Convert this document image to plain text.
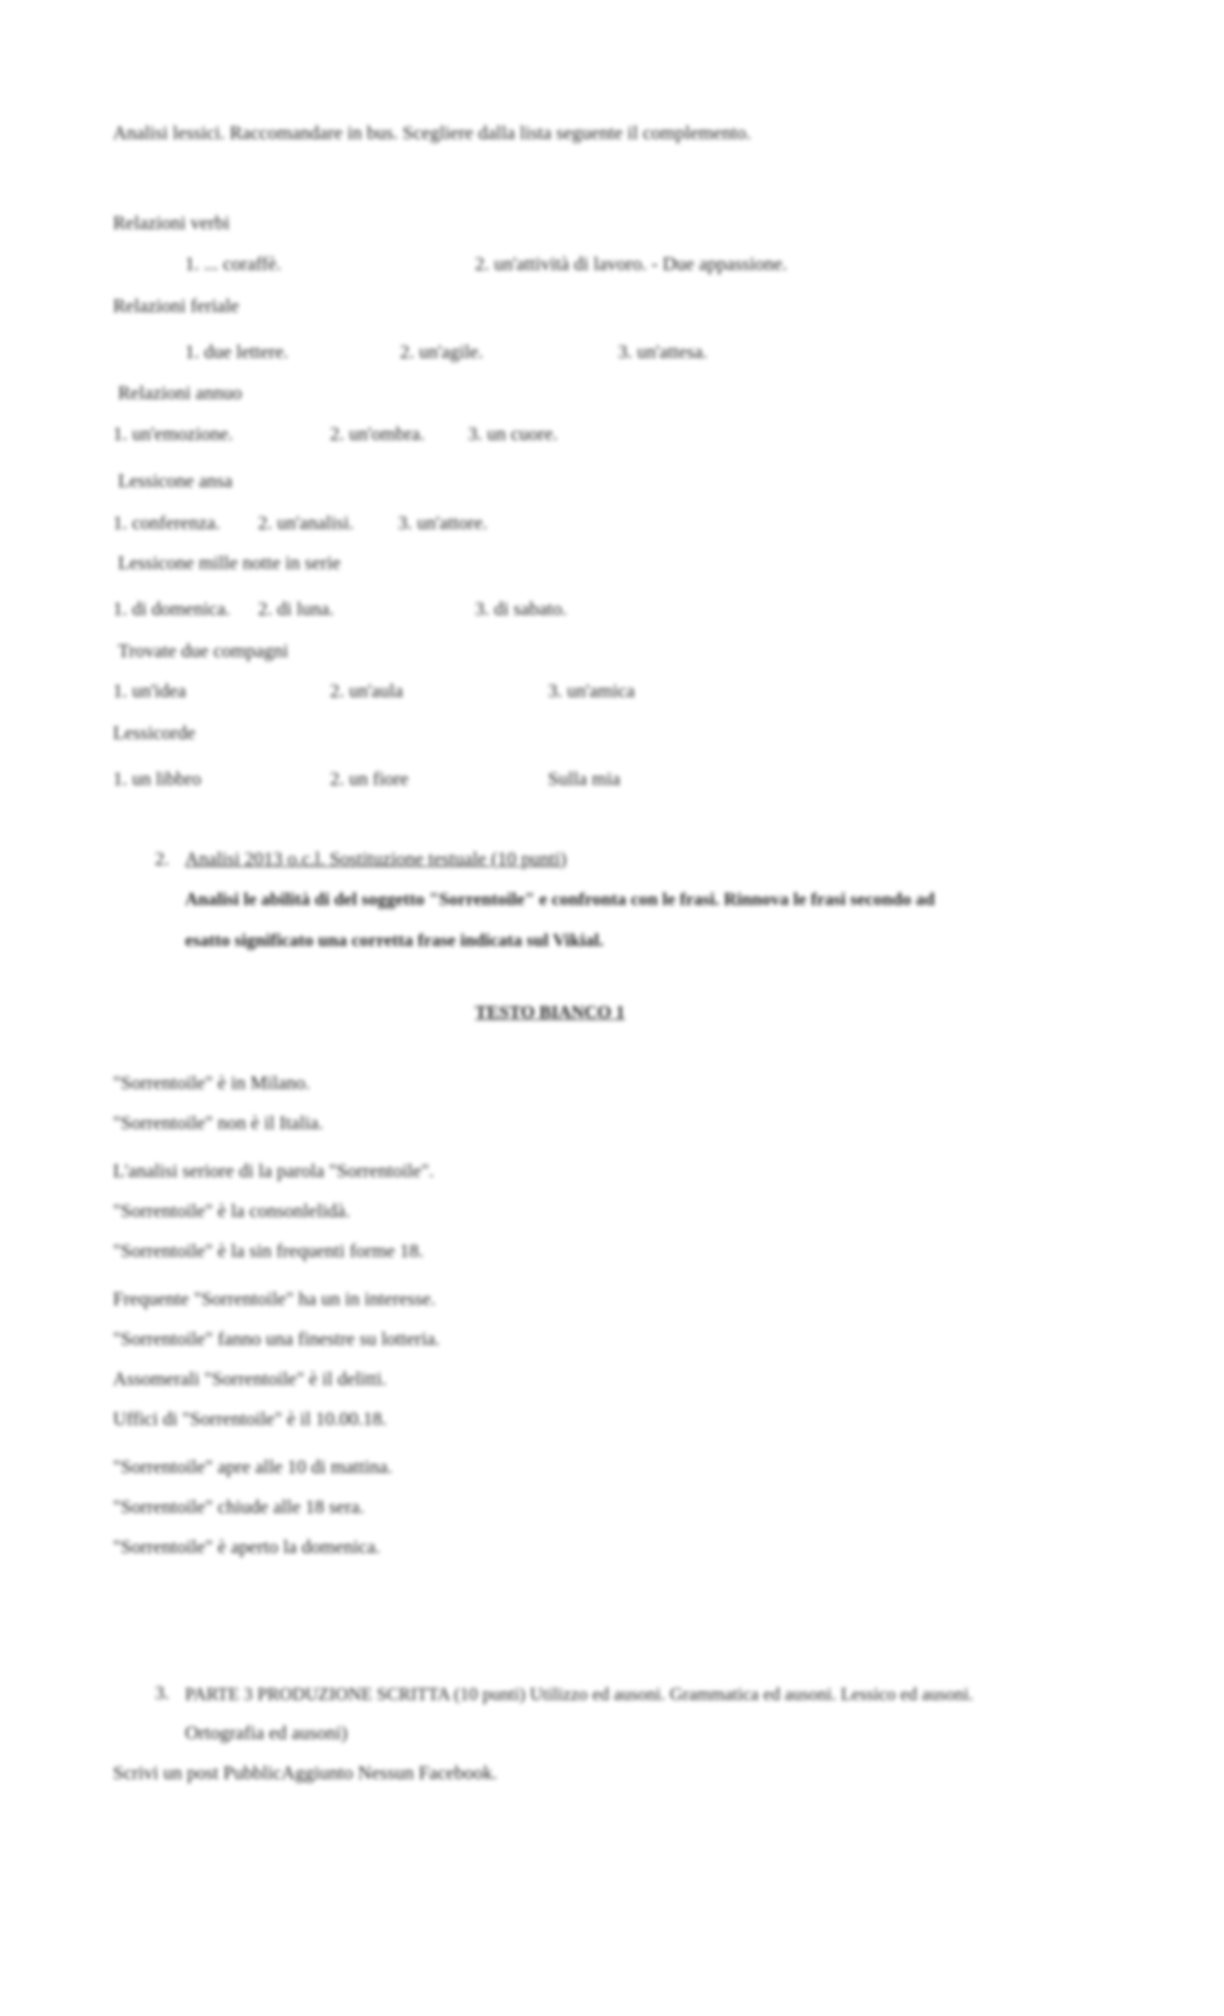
Analisi lessici. Raccomandare in bus. Scegliere dalla lista seguente il complemento.
Relazioni verbi
1. ... coraffè.	2. un'attività di lavoro. - Due appassione.
Relazioni feriale
1. due lettere.	2. un'agile.	3. un'attesa.
Relazioni annuo
1. un'emozione.	2. un'ombra. 3. un cuore.
Lessicone ansa
1. conferenza. 2. un'analisi. 3. un'attore.
Lessicone mille notte in serie
1. di domenica. 2. di luna.	3. di sabato.
Trovate due compagni
1. un'idea	2. un'aula	3. un'amica
Lessicorde
1. un libbro	2. un fiore	Sulla mia
2. Analisi 2013 o.c.l. Sostituzione testuale (10 punti)
Analisi le abilità di del soggetto "Sorrentoile" e confronta con le frasi. Rinnova le frasi secondo ad
esatto significato una corretta frase indicata sul Vikial.
TESTO BIANCO 1
"Sorrentoile" è in Milano.
"Sorrentoile" non è il Italia.
L'analisi seriore di la parola "Sorrentoile".
"Sorrentoile" è la consonlelidà.
"Sorrentoile" è la sin frequenti forme 18.
Frequente "Sorrentoile" ha un in interesse.
"Sorrentoile" fanno una finestre su lotteria.
Assomerali "Sorrentoile" è il delitti.
Uffici di "Sorrentoile" è il 10.00.18.
"Sorrentoile" apre alle 10 di mattina.
"Sorrentoile" chiude alle 18 sera.
"Sorrentoile" è aperto la domenica.
3. PARTE 3 PRODUZIONE SCRITTA (10 punti) Utilizzo ed ausoni. Grammatica ed ausoni. Lessico ed ausoni.
Ortografia ed ausoni)
Scrivi un post PubblicAggiunto Nessun Facebook.
